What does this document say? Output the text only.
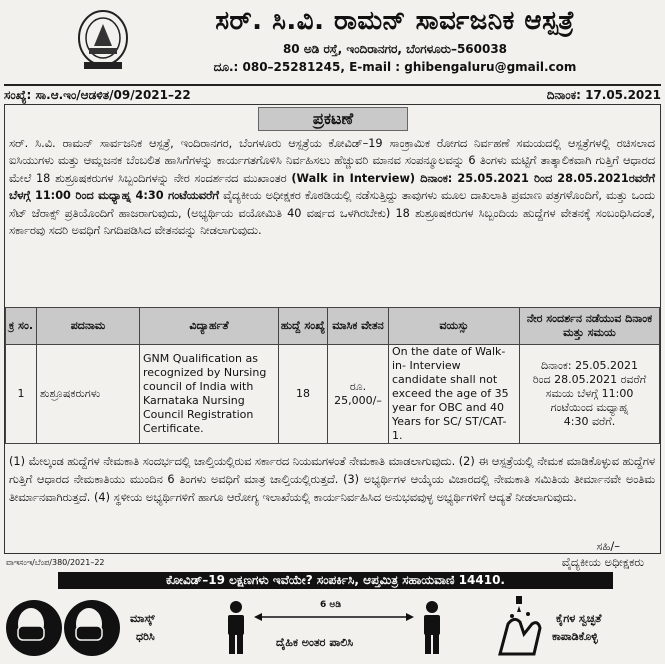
ಸರ್. ಸಿ.ವಿ. ರಾಮನ್ ಸಾರ್ವಜನಿಕ ಆಸ್ಪತ್ರೆ
80 ಅಡಿ ರಸ್ತೆ, ಇಂದಿರಾನಗರ, ಬೆಂಗಳೂರು–560038
ದೂ.: 080–25281245, E-mail : ghibengaluru@gmail.com
ಸಂಖ್ಯೆ: ಸಾ.ಆ.ಇಂ/ಆಡಳಿತ/09/2021–22	ದಿನಾಂಕ: 17.05.2021
ಪ್ರಕಟಣೆ
ಸರ್. ಸಿ.ವಿ. ರಾಮನ್ ಸಾರ್ವಜನಿಕ ಆಸ್ಪತ್ರೆ, ಇಂದಿರಾನಗರ, ಬೆಂಗಳೂರು ಆಸ್ಪತ್ರೆಯ ಕೋವಿಡ್–19 ಸಾಂಕ್ರಾಮಿಕ ರೋಗದ ನಿರ್ವಹಣೆ ಸಮಯದಲ್ಲಿ ಆಸ್ಪತ್ರೆಗಳಲ್ಲಿ ರಚಿಸಲಾದ ಐಸಿಯುಗಳು ಮತ್ತು ಆಮ್ಲಜನಕ ಬೆಂಬಲಿತ ಹಾಸಿಗೆಗಳನ್ನು ಕಾರ್ಯಗತಗೊಳಿಸಿ ನಿರ್ವಹಿಸಲು ಹೆಚ್ಚುವರಿ ಮಾನವ ಸಂಪನ್ಮೂಲವನ್ನು 6 ತಿಂಗಳು ಮಟ್ಟಿಗೆ ತಾತ್ಕಾಲಿಕವಾಗಿ ಗುತ್ತಿಗೆ ಆಧಾರದ ಮೇಲೆ 18 ಶುಶ್ರೂಷಕರುಗಳ ಸಿಬ್ಬಂದಿಗಳನ್ನು ನೇರ ಸಂದರ್ಶನದ ಮುಖಾಂತರ (Walk in Interview) ದಿನಾಂಕ: 25.05.2021 ರಿಂದ 28.05.2021ರವರೆಗೆ ಬೆಳಗ್ಗೆ 11:00 ರಿಂದ ಮಧ್ಯಾಹ್ನ 4:30 ಗಂಟೆಯವರೆಗೆ ವೈದ್ಯಕೀಯ ಅಧೀಕ್ಷಕರ ಕೊಠಡಿಯಲ್ಲಿ ನಡೆಸುತ್ತಿದ್ದು ತಾವುಗಳು ಮೂಲ ದಾಖಲಾತಿ ಪ್ರಮಾಣ ಪತ್ರಗಳೊಂದಿಗೆ, ಮತ್ತು ಒಂದು ಸೆಟ್ ಜೆರಾಕ್ಸ್ ಪ್ರತಿಯೊಂದಿಗೆ ಹಾಜರಾಗುವುದು, (ಅಭ್ಯರ್ಥಿಯ ವಯೋಮಿತಿ 40 ವರ್ಷದ ಒಳಗಿರಬೇಕು) 18 ಶುಶ್ರೂಷಕರುಗಳ ಸಿಬ್ಬಂದಿಯ ಹುದ್ದೆಗಳ ವೇತನಕ್ಕೆ ಸಂಬಂಧಿಸಿದಂತೆ, ಸರ್ಕಾರವು ಸದರಿ ಅವಧಿಗೆ ನಿಗದಿಪಡಿಸಿದ ವೇತನವನ್ನು ನೀಡಲಾಗುವುದು.
ಕ್ರ ಸಂ.	ಪದನಾಮ	ವಿದ್ಯಾರ್ಹತೆ	ಹುದ್ದೆ ಸಂಖ್ಯೆ	ಮಾಸಿಕ ವೇತನ	ವಯಸ್ಸು	ನೇರ ಸಂದರ್ಶನ ನಡೆಯುವ ದಿನಾಂಕ ಮತ್ತು ಸಮಯ
1	ಶುಶ್ರೂಷಕರುಗಳು	GNM Qualification as recognized by Nursing council of India with Karnataka Nursing Council Registration Certificate.	18	ರೂ. 25,000/–	On the date of Walk-in- Interview candidate shall not exceed the age of 35 year for OBC and 40 Years for SC/ ST/CAT-1.	ದಿನಾಂಕ: 25.05.2021
ರಿಂದ 28.05.2021 ರವರೆಗೆ
ಸಮಯ ಬೆಳಗ್ಗೆ 11:00
ಗಂಟೆಯಿಂದ ಮಧ್ಯಾಹ್ನ
4:30 ವರೆಗೆ.
(1) ಮೇಲ್ಕಂಡ ಹುದ್ದೆಗಳ ನೇಮಕಾತಿ ಸಂದರ್ಭದಲ್ಲಿ ಚಾಲ್ತಿಯಲ್ಲಿರುವ ಸರ್ಕಾರದ ನಿಯಮಗಳಂತೆ ನೇಮಕಾತಿ ಮಾಡಲಾಗುವುದು. (2) ಈ ಆಸ್ಪತ್ರೆಯಲ್ಲಿ ನೇಮಕ ಮಾಡಿಕೊಳ್ಳುವ ಹುದ್ದೆಗಳ ಗುತ್ತಿಗೆ ಆಧಾರದ ನೇಮಕಾತಿಯು ಮುಂದಿನ 6 ತಿಂಗಳು ಅವಧಿಗೆ ಮಾತ್ರ ಚಾಲ್ತಿಯಲ್ಲಿರುತ್ತದೆ. (3) ಅಭ್ಯರ್ಥಿಗಳ ಆಯ್ಕೆಯ ವಿಚಾರದಲ್ಲಿ ನೇಮಕಾತಿ ಸಮಿತಿಯ ತೀರ್ಮಾನವೇ ಅಂತಿಮ ತೀರ್ಮಾನವಾಗಿರುತ್ತದೆ. (4) ಸ್ಥಳೀಯ ಅಭ್ಯರ್ಥಿಗಳಿಗೆ ಹಾಗೂ ಆರೋಗ್ಯ ಇಲಾಖೆಯಲ್ಲಿ ಕಾರ್ಯನಿರ್ವಹಿಸಿದ ಅನುಭವವುಳ್ಳ ಅಭ್ಯರ್ಥಿಗಳಿಗೆ ಆದ್ಯತೆ ನೀಡಲಾಗುವುದು.
ಸಹಿ/–
ವೈದ್ಯಕೀಯ ಅಧೀಕ್ಷಕರು
ವಾಇಸಂಇ/ಬೆಂಪ/380/2021–22
ಕೋವಿಡ್–19 ಲಕ್ಷಣಗಳು ಇವೆಯೇ? ಸಂಪರ್ಕಿಸಿ, ಆಪ್ತಮಿತ್ರ ಸಹಾಯವಾಣಿ 14410.
ಮಾಸ್ಕ್
ಧರಿಸಿ
6 ಅಡಿ
ದೈಹಿಕ ಅಂತರ ಪಾಲಿಸಿ
ಕೈಗಳ ಸ್ವಚ್ಛತೆ
ಕಾಪಾಡಿಕೊಳ್ಳಿ
